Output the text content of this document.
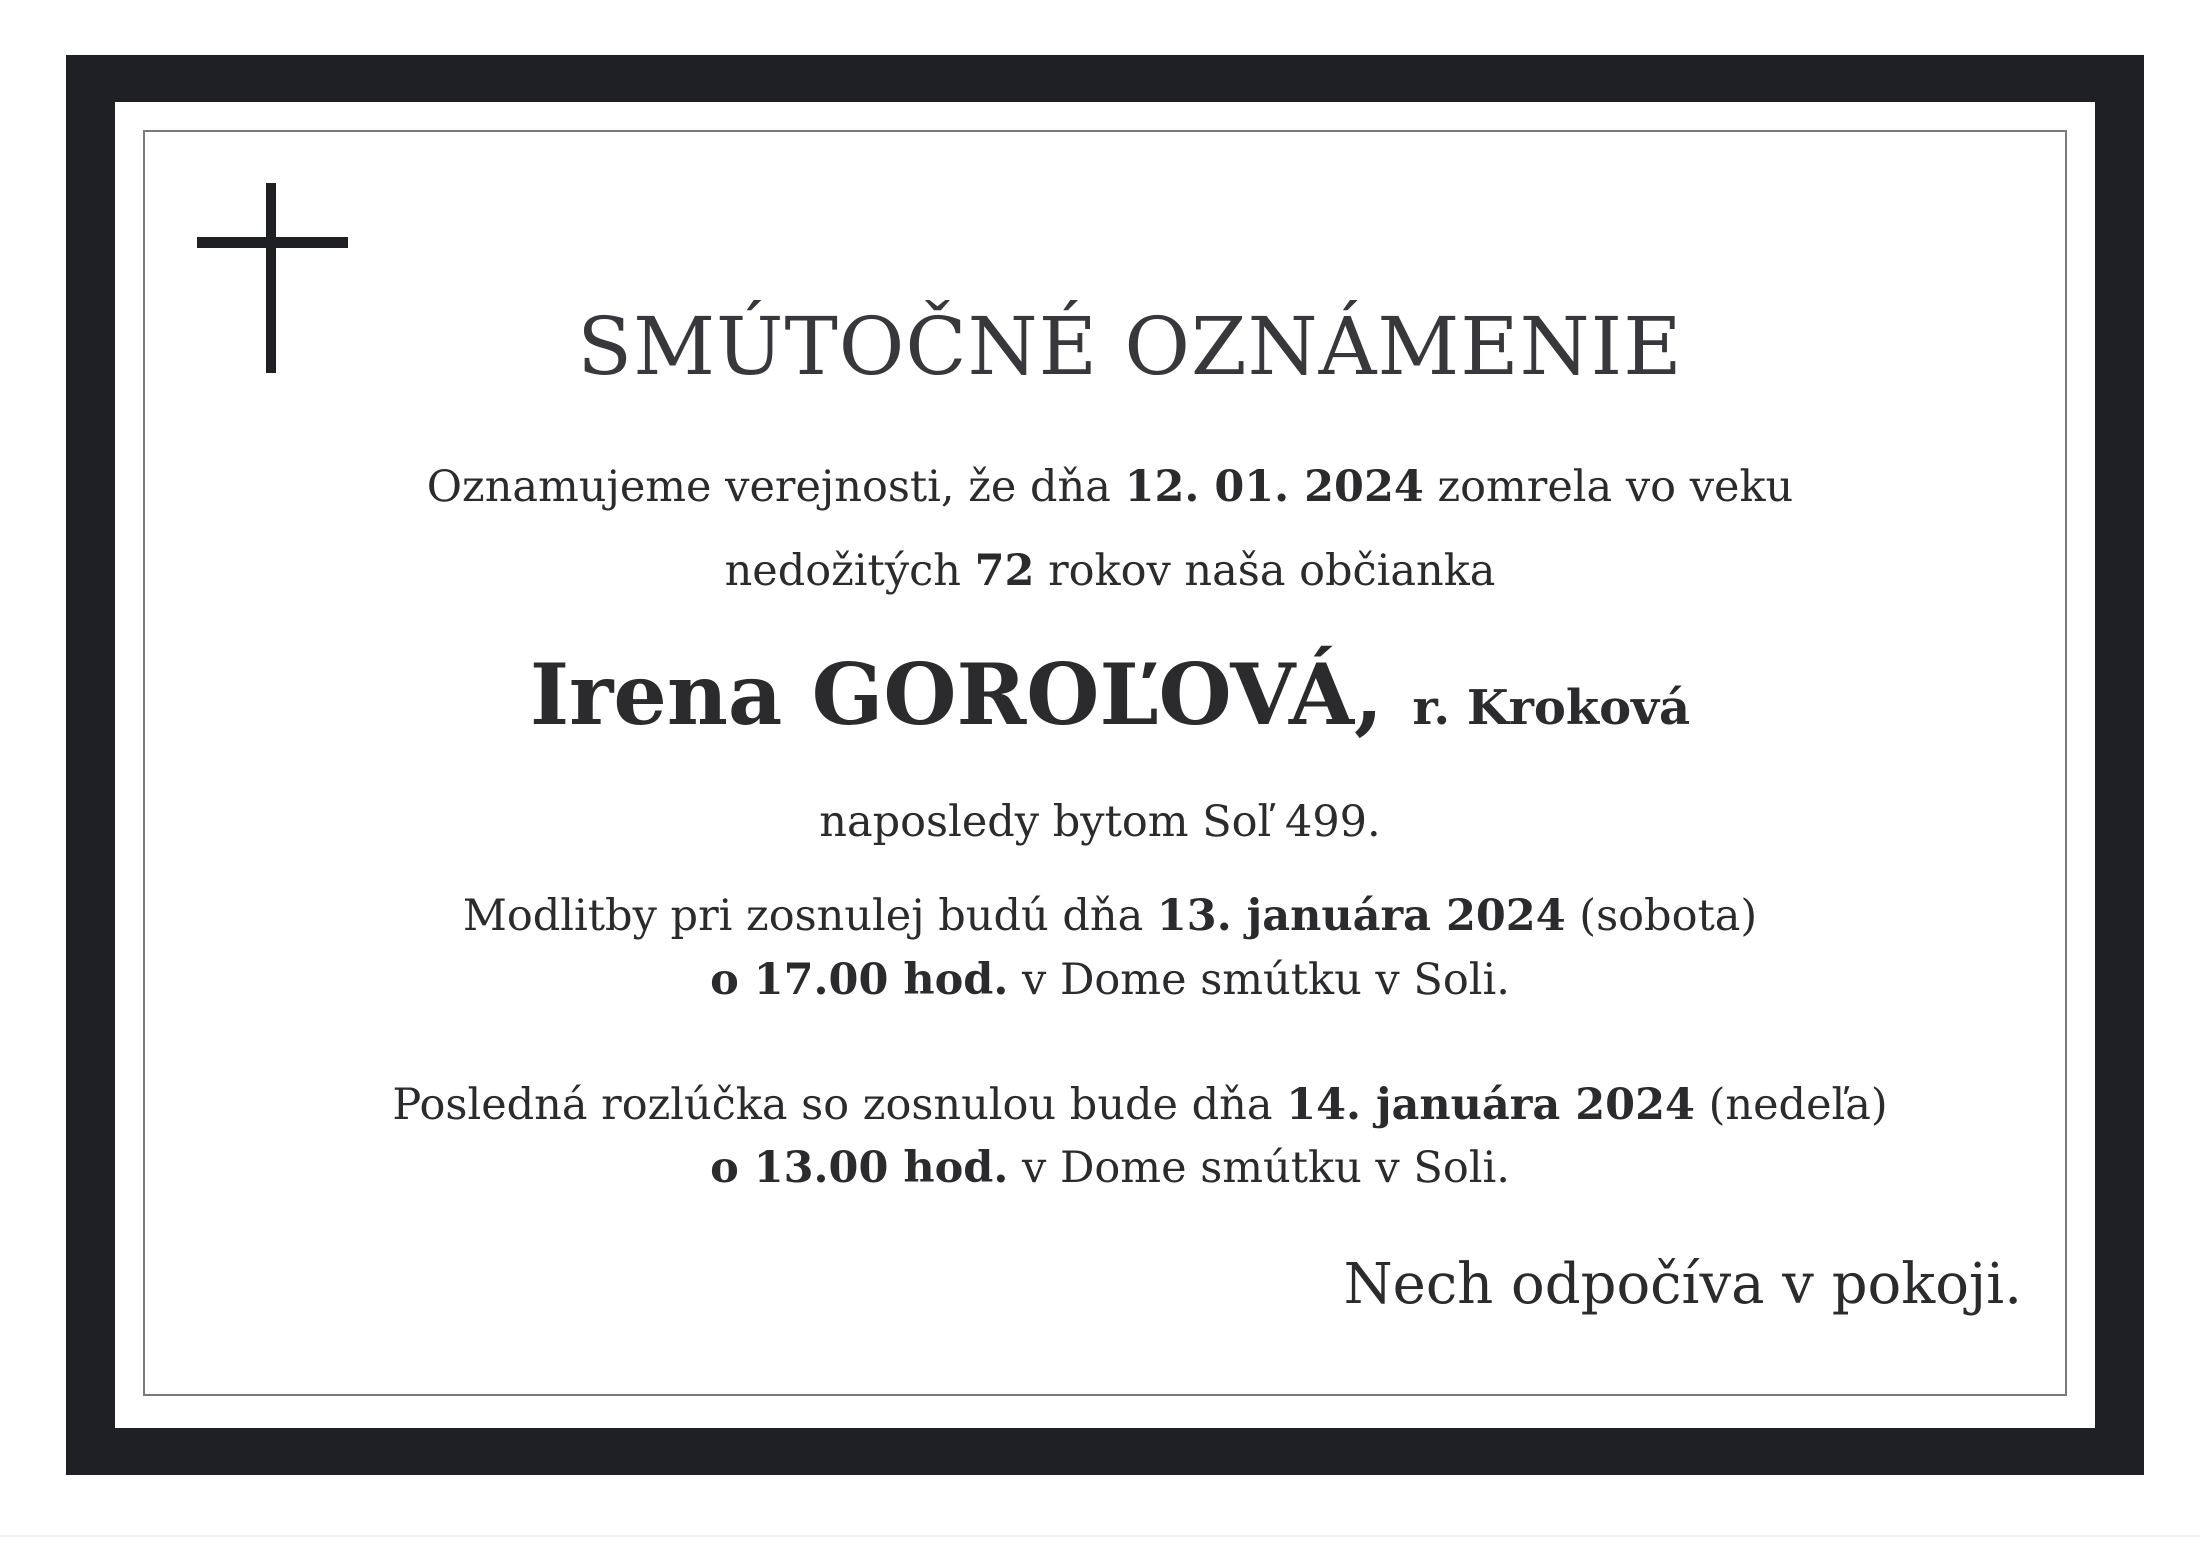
SMÚTOČNÉ OZNÁMENIE
Oznamujeme verejnosti, že dňa 12. 01. 2024 zomrela vo veku
nedožitých 72 rokov naša občianka
Irena GOROĽOVÁ, r. Kroková
naposledy bytom Soľ 499.
Modlitby pri zosnulej budú dňa 13. januára 2024 (sobota)
o 17.00 hod. v Dome smútku v Soli.
Posledná rozlúčka so zosnulou bude dňa 14. januára 2024 (nedeľa)
o 13.00 hod. v Dome smútku v Soli.
Nech odpočíva v pokoji.
